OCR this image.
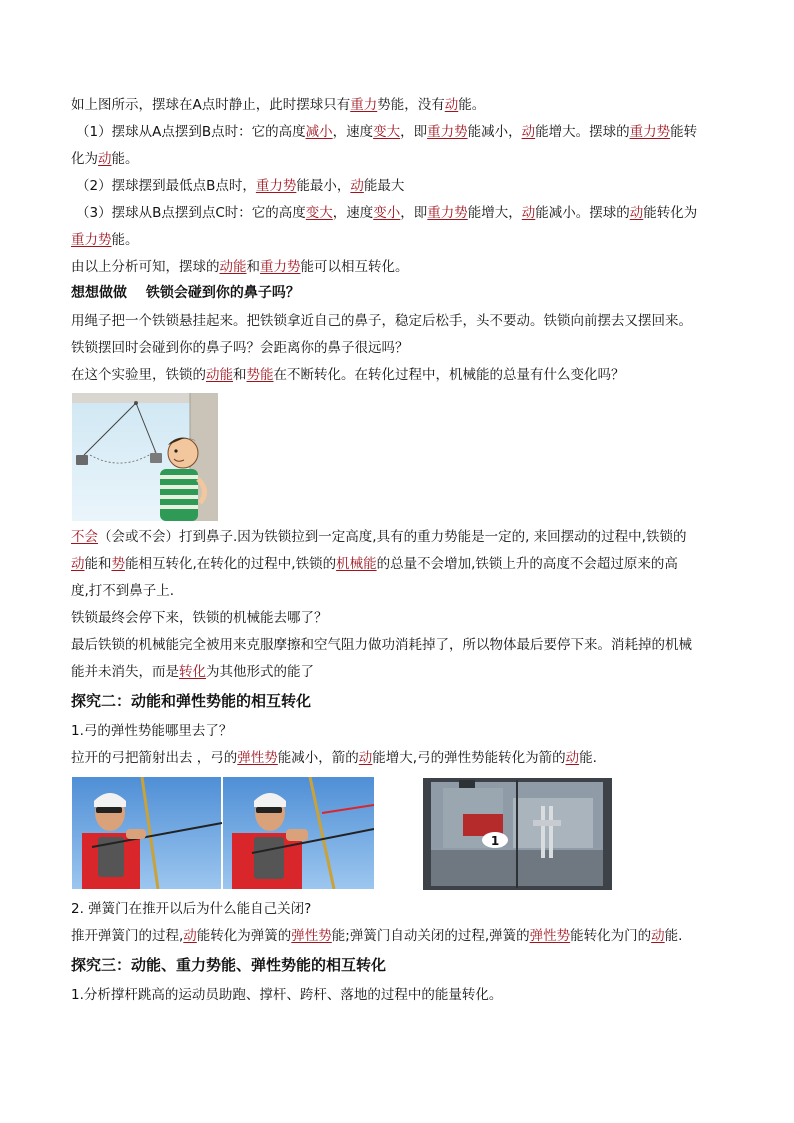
如上图所示，摆球在A点时静止，此时摆球只有重力势能，没有动能。
（1）摆球从A点摆到B点时：它的高度减小，速度变大，即重力势能减小，动能增大。摆球的重力势能转
化为动能。
（2）摆球摆到最低点B点时，重力势能最小，动能最大
（3）摆球从B点摆到点C时：它的高度变大，速度变小，即重力势能增大，动能减小。摆球的动能转化为
重力势能。
由以上分析可知，摆球的动能和重力势能可以相互转化。
想想做做　 铁锁会碰到你的鼻子吗？
用绳子把一个铁锁悬挂起来。把铁锁拿近自己的鼻子，稳定后松手，头不要动。铁锁向前摆去又摆回来。
铁锁摆回时会碰到你的鼻子吗？会距离你的鼻子很远吗？
在这个实验里，铁锁的动能和势能在不断转化。在转化过程中，机械能的总量有什么变化吗？
不会（会或不会）打到鼻子.因为铁锁拉到一定高度,具有的重力势能是一定的, 来回摆动的过程中,铁锁的
动能和势能相互转化,在转化的过程中,铁锁的机械能的总量不会增加,铁锁上升的高度不会超过原来的高
度,打不到鼻子上.
铁锁最终会停下来，铁锁的机械能去哪了？
最后铁锁的机械能完全被用来克服摩擦和空气阻力做功消耗掉了，所以物体最后要停下来。消耗掉的机械
能并未消失，而是转化为其他形式的能了
探究二：动能和弹性势能的相互转化
1.弓的弹性势能哪里去了？
拉开的弓把箭射出去 ，弓的弹性势能减小，箭的动能增大,弓的弹性势能转化为箭的动能.
2. 弹簧门在推开以后为什么能自己关闭?
推开弹簧门的过程,动能转化为弹簧的弹性势能;弹簧门自动关闭的过程,弹簧的弹性势能转化为门的动能.
探究三：动能、重力势能、弹性势能的相互转化
1.分析撑杆跳高的运动员助跑、撑杆、跨杆、落地的过程中的能量转化。
1
